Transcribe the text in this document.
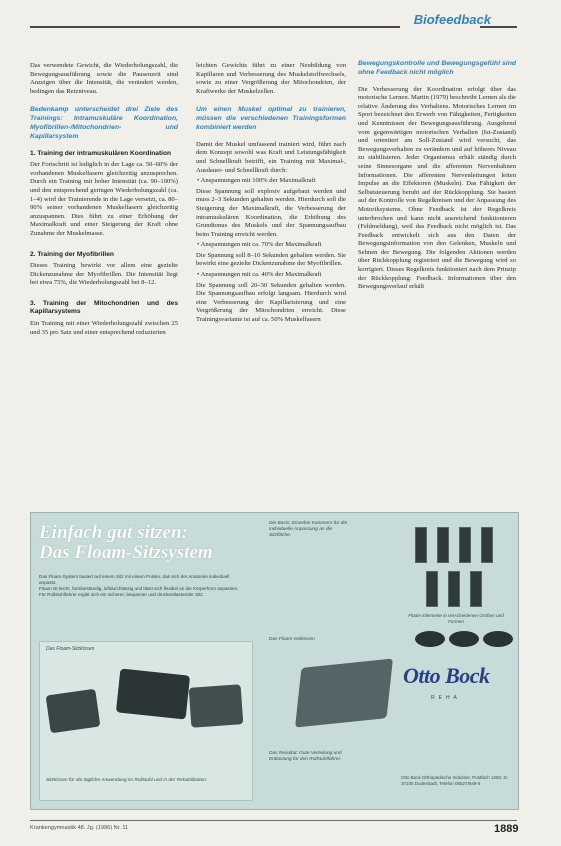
Biofeedback

Das verwendete Gewicht, die Wiederholungszahl, die Bewegungsausführung sowie die Pausenzeit sind Anzeigen über die Intensität, die verändert werden, bedingen das Reizniveau.

Bedenkamp unterscheidet drei Ziele des Trainings: Intramuskuläre Koordination, Myofibrillen-/Mitochondrien- und Kapillarsystem
1. Training der intramuskulären Koordination

Der Fortschritt ist lediglich in der Lage ca. 50–60% der vorhandenen Muskelfasern gleichzeitig anzusprechen. Durch ein Training mit hoher Intensität (ca. 90–100%) und den entsprechend geringen Wiederholungszahl (ca. 1–4) wird der Trainierende in die Lage versetzt, ca. 80–90% seiner vorhandenen Muskelfasern gleichzeitig anzuspannen. Dies führt zu einer Erhöhung der Maximalkraft und einer Steigerung der Kraft ohne Zunahme der Muskelmasse.

2. Training der Myofibrillen

Dieses Training bewirkt vor allem eine gezielte Dickenzunahme der Myofibrillen. Die Intensität liegt bei etwa 75%, die Wiederholungszahl bei 8–12.

3. Training der Mitochondrien und des Kapillarsystems

Ein Training mit einer Wiederholungszahl zwischen 25 und 35 pro Satz und einer entsprechend reduzierten

leichten Gewichts führt zu einer Neubildung von Kapillaren und Verbesserung des Muskelstoffwechsels, sowie zu einer Vergrößerung der Mitochondrien, der Kraftwerke der Muskelzellen.

Um einen Muskel optimal zu trainieren, müssen die verschiedenen Trainingsformen kombiniert werden

Damit der Muskel umfassend trainiert wird, führt nach dem Konzept sowohl was Kraft und Leistungsfähigkeit und Schnellkraft betrifft, ein Training mit Maximal-, Ausdauer- und Schnellkraft durch:

• Anspannungen mit 100% der Maximalkraft

Diese Spannung soll explosiv aufgebaut werden und muss 2–3 Sekunden gehalten werden. Hierdurch soll die Steigerung der Maximalkraft, die Verbesserung der intramuskulären Koordination, die Erhöhung des Grundtonus des Muskels und der Spannungsaufbau beim Training erreicht werden.

• Anspannungen mit ca. 70% der Maximalkraft

Die Spannung soll 8–10 Sekunden gehalten werden. Sie bewirkt eine gezielte Dickenzunahme der Myofibrillen.

• Anspannungen mit ca. 40% der Maximalkraft

Die Spannung soll 20–30 Sekunden gehalten werden. Die Spannungsaufbau erfolgt langsam. Hierdurch wird eine Verbesserung der Kapillarisierung und eine Vergrößerung der Mitochondrien erreicht. Diese Trainingsvariante ist auf ca. 50% Muskelfasern

Bewegungskontrolle und Bewegungsgefühl sind ohne Feedback nicht möglich

Die Verbesserung der Koordination erfolgt über das motorische Lernen. Martin (1979) beschreibt Lernen als die relative Änderung des Verhaltens. Motorisches Lernen im Sport bezeichnet den Erwerb von Fähigkeiten, Fertigkeiten und Kenntnissen der Bewegungsausführung. Ausgehend vom gegenwärtigen motorischen Verhalten (Ist-Zustand) und orientiert am Soll-Zustand wird versucht, das Bewegungsverhalten zu verändern und auf höheres Niveau zu stabilisieren. Jeder Organismus erhält ständig durch seine Sinnesorgane und die afferenten Nervenbahnen Informationen. Die afferenten Nervenleitungen leiten Impulse an die Effektoren (Muskeln). Das Fähigkeit der Selbststeuerung beruht auf der Rückkopplung. Sie basiert auf der Kontrolle von Regelkreisen und der Anpassung des Motoriksystems. Ohne Feedback ist der Regelkreis unterbrochen und kann nicht ausreichend funktionieren (Fehlmeldung), weil das Feedback nicht möglich ist. Das Feedback entwickelt sich aus den Daten der Bewegungsinformation von den Gelenken, Muskeln und Sehnen der Bewegung. Die folgenden Aktionen werden über Rückkopplung registriert und die Bewegung wird so korrigiert. Dieses Regelkreis funktioniert nach dem Prinzip der Rückkopplung: Feedback. Informationen über den Bewegungsverlauf erhält

Einfach gut sitzen:
Das Floam-Sitzsystem

Das Floam-System basiert auf einem Sitz mit einem Polster, das sich der Anatomie individuell anpasst.

Floam ist leicht, formbeständig, luftdurchlässig und lässt sich flexibel an die Körperform anpassen.

Für Rollstuhlfahrer ergibt sich ein sicherer, bequemer und druckentlastender Sitz.

Das Floam-Sitzkissen
Sitzkissen für die tägliche Anwendung im Rollstuhl und in der Rehabilitation.
Die Basis: Einzelne Kammern für die individuelle Anpassung an die Sitzfläche.
Das Floam-Gelkissen
Das Resultat: Gute Verteilung und Entlastung für den Rollstuhlfahrer.
Floam-Elemente in verschiedenen Größen und Formen
Otto Bock
REHA
Otto Bock Orthopädische Industrie, Postfach 1260, D-37105 Duderstadt, Telefon 05527/848-0
Krankengymnastik 48. Jg. (1996) Nr. 11	1889
